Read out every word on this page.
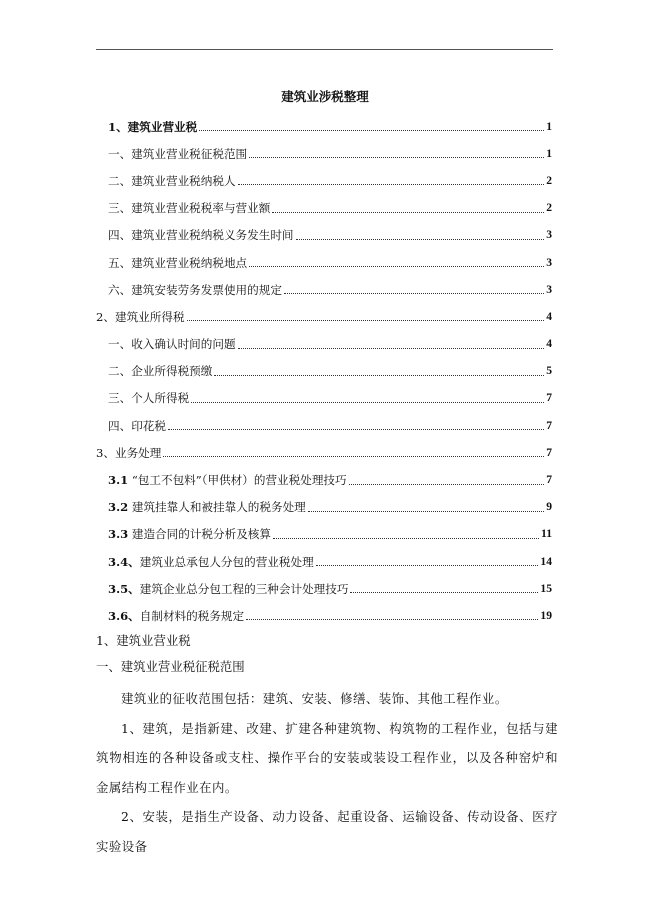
建筑业涉税整理
1、建筑业营业税	1
一、建筑业营业税征税范围	1
二、建筑业营业税纳税人	2
三、建筑业营业税税率与营业额	2
四、建筑业营业税纳税义务发生时间	3
五、建筑业营业税纳税地点	3
六、建筑安装劳务发票使用的规定	3
2、建筑业所得税	4
一、收入确认时间的问题	4
二、企业所得税预缴	5
三、个人所得税	7
四、印花税	7
3、业务处理	7
3.1 “包工不包料”（甲供材）的营业税处理技巧	7
3.2 建筑挂靠人和被挂靠人的税务处理	9
3.3 建造合同的计税分析及核算	11
3.4、建筑业总承包人分包的营业税处理	14
3.5、建筑企业总分包工程的三种会计处理技巧	15
3.6、自制材料的税务规定	19
1、建筑业营业税
一、建筑业营业税征税范围
建筑业的征收范围包括：建筑、安装、修缮、装饰、其他工程作业。
1、建筑，是指新建、改建、扩建各种建筑物、构筑物的工程作业，包括与建筑物相连的各种设备或支柱、操作平台的安装或装设工程作业，以及各种窑炉和金属结构工程作业在内。
2、安装，是指生产设备、动力设备、起重设备、运输设备、传动设备、医疗实验设备
